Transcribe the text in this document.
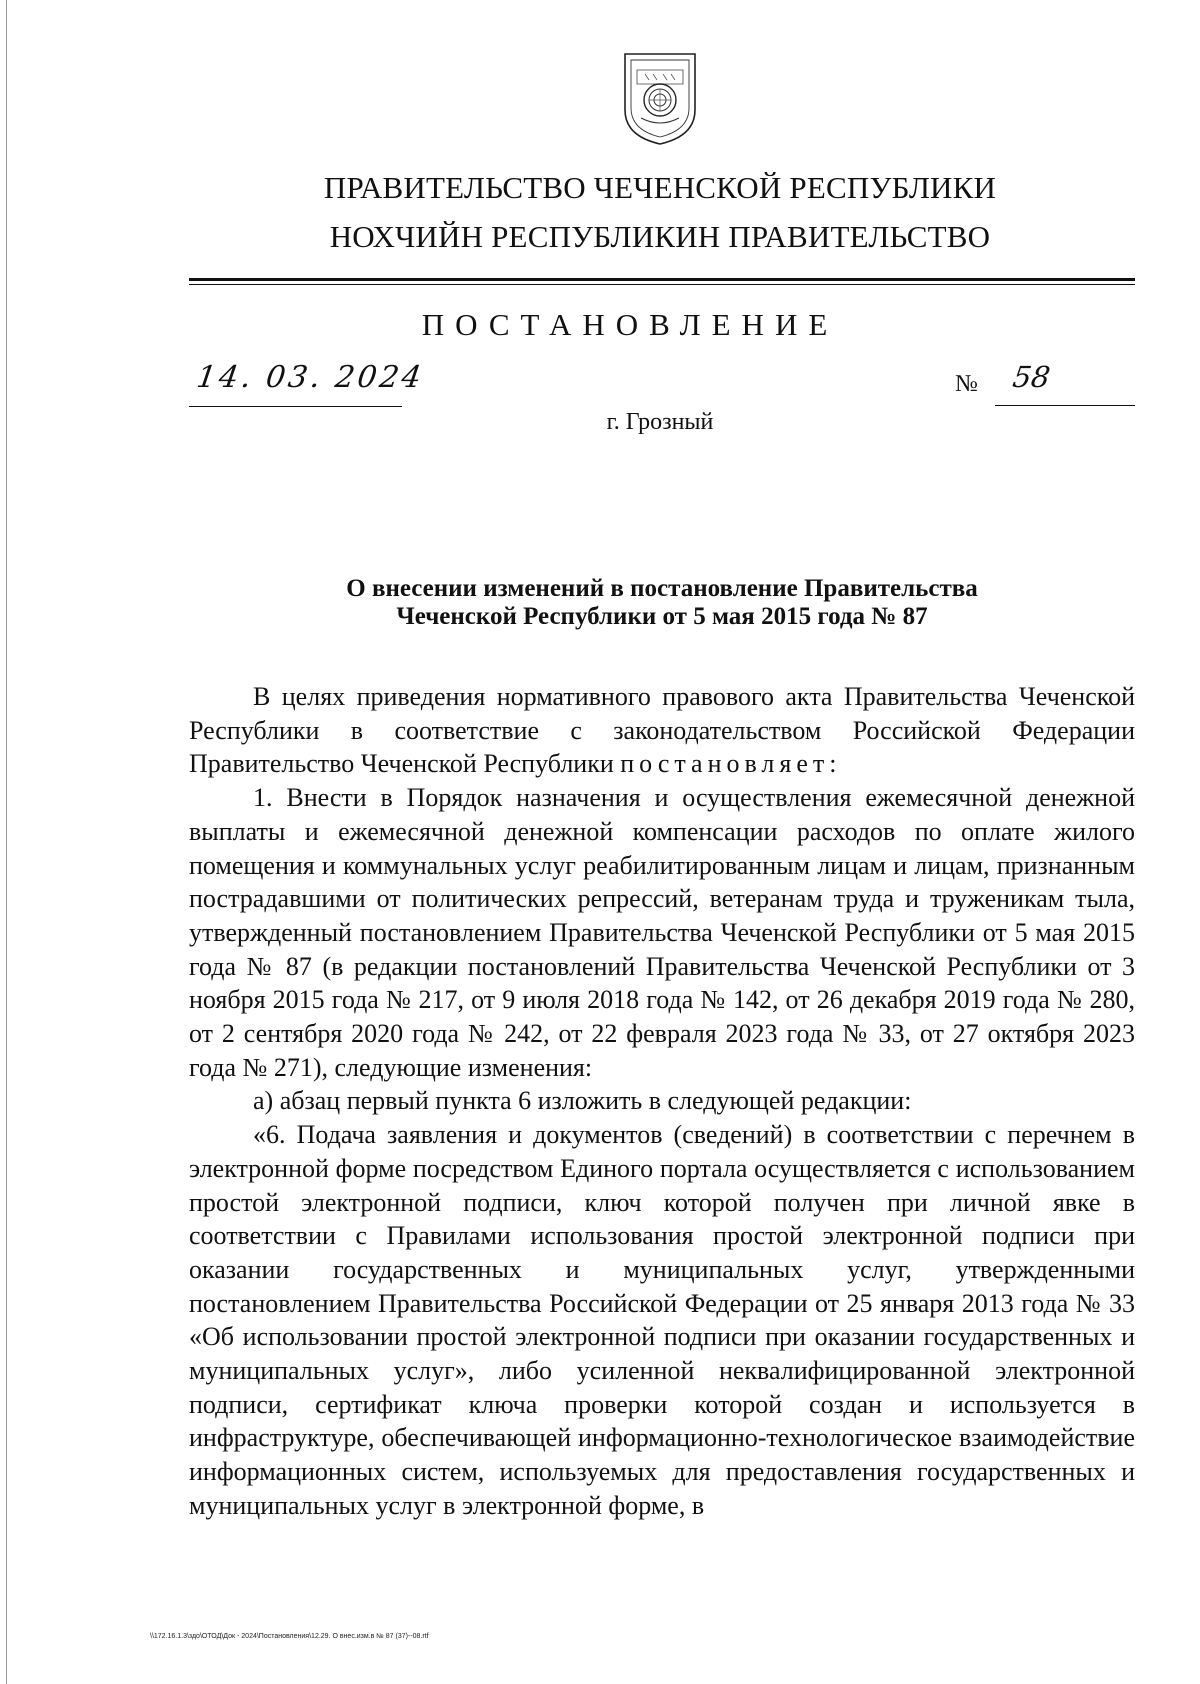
ПРАВИТЕЛЬСТВО ЧЕЧЕНСКОЙ РЕСПУБЛИКИ
НОХЧИЙН РЕСПУБЛИКИН ПРАВИТЕЛЬСТВО
ПОСТАНОВЛЕНИЕ
14. 03. 2024	№ 58
г. Грозный
О внесении изменений в постановление Правительства
Чеченской Республики от 5 мая 2015 года № 87

В целях приведения нормативного правового акта Правительства Чеченской Республики в соответствие с законодательством Российской Федерации Правительство Чеченской Республики постановляет:

1. Внести в Порядок назначения и осуществления ежемесячной денежной выплаты и ежемесячной денежной компенсации расходов по оплате жилого помещения и коммунальных услуг реабилитированным лицам и лицам, признанным пострадавшими от политических репрессий, ветеранам труда и труженикам тыла, утвержденный постановлением Правительства Чеченской Республики от 5 мая 2015 года № 87 (в редакции постановлений Правительства Чеченской Республики от 3 ноября 2015 года № 217, от 9 июля 2018 года № 142, от 26 декабря 2019 года № 280, от 2 сентября 2020 года № 242, от 22 февраля 2023 года № 33, от 27 октября 2023 года № 271), следующие изменения:

а) абзац первый пункта 6 изложить в следующей редакции:

«6. Подача заявления и документов (сведений) в соответствии с перечнем в электронной форме посредством Единого портала осуществляется с использованием простой электронной подписи, ключ которой получен при личной явке в соответствии с Правилами использования простой электронной подписи при оказании государственных и муниципальных услуг, утвержденными постановлением Правительства Российской Федерации от 25 января 2013 года № 33 «Об использовании простой электронной подписи при оказании государственных и муниципальных услуг», либо усиленной неквалифицированной электронной подписи, сертификат ключа проверки которой создан и используется в инфраструктуре, обеспечивающей информационно-технологическое взаимодействие информационных систем, используемых для предоставления государственных и муниципальных услуг в электронной форме, в

\\172.16.1.3\здо\ОТОД\Док - 2024\Постановления\12.29. О внес.изм.в № 87 (37)--08.rtf
